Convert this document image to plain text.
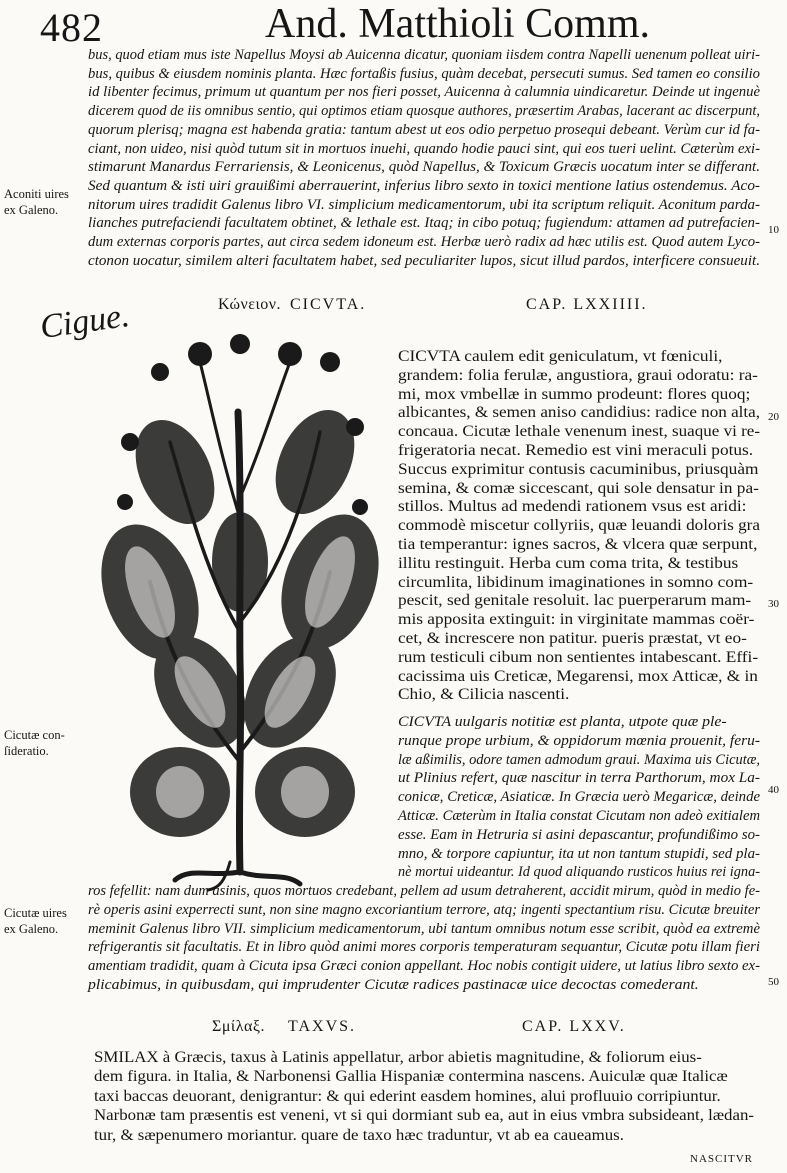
482	And. Matthioli Comm.
bus, quod etiam mus iste Napellus Moysi ab Auicenna dicatur, quoniam iisdem contra Napelli uenenum polleat uiri-
bus, quibus & eiusdem nominis planta. Hæc fortaßis fusius, quàm decebat, persecuti sumus. Sed tamen eo consilio
id libenter fecimus, primum ut quantum per nos fieri posset, Auicenna à calumnia uindicaretur. Deinde ut ingenuè
dicerem quod de iis omnibus sentio, qui optimos etiam quosque authores, præsertim Arabas, lacerant ac discerpunt,
quorum plerisq; magna est habenda gratia: tantum abest ut eos odio perpetuo prosequi debeant. Verùm cur id fa-
ciant, non uideo, nisi quòd tutum sit in mortuos inuehi, quando hodie pauci sint, qui eos tueri uelint. Cæterùm exi-
stimarunt Manardus Ferrariensis, & Leonicenus, quòd Napellus, & Toxicum Græcis uocatum inter se differant.
Sed quantum & isti uiri grauißimi aberrauerint, inferius libro sexto in toxici mentione latius ostendemus. Aco-
nitorum uires tradidit Galenus libro VI. simplicium medicamentorum, ubi ita scriptum reliquit. Aconitum parda-
lianches putrefaciendi facultatem obtinet, & lethale est. Itaq; in cibo potuq; fugiendum: attamen ad putrefacien-
dum externas corporis partes, aut circa sedem idoneum est. Herbæ uerò radix ad hæc utilis est. Quod autem Lyco-
ctonon uocatur, similem alteri facultatem habet, sed peculiariter lupos, sicut illud pardos, interficere consueuit.
Aconiti uires
ex Galeno.
10
Κώνειον. CICVTA.	CAP. LXXIIII.
Cigue.
CICVTA caulem edit geniculatum, vt fœniculi,
grandem: folia ferulæ, angustiora, graui odoratu: ra-
mi, mox vmbellæ in summo prodeunt: flores quoq;
albicantes, & semen aniso candidius: radice non alta,
concaua. Cicutæ lethale venenum inest, suaque vi re-
frigeratoria necat. Remedio est vini meraculi potus.
Succus exprimitur contusis cacuminibus, priusquàm
semina, & comæ siccescant, qui sole densatur in pa-
stillos. Multus ad medendi rationem vsus est aridi:
commodè miscetur collyriis, quæ leuandi doloris gra
tia temperantur: ignes sacros, & vlcera quæ serpunt,
illitu restinguit. Herba cum coma trita, & testibus
circumlita, libidinum imaginationes in somno com-
pescit, sed genitale resoluit. lac puerperarum mam-
mis apposita extinguit: in virginitate mammas coër-
cet, & increscere non patitur. pueris præstat, vt eo-
rum testiculi cibum non sentientes intabescant. Effi-
cacissima uis Creticæ, Megarensi, mox Atticæ, & in
Chio, & Cilicia nascenti.
20
30
CICVTA uulgaris notitiæ est planta, utpote quæ ple-
runque prope urbium, & oppidorum mœnia prouenit, feru-
læ aßimilis, odore tamen admodum graui. Maxima uis Cicutæ,
ut Plinius refert, quæ nascitur in terra Parthorum, mox La-
conicæ, Creticæ, Asiaticæ. In Græcia uerò Megaricæ, deinde
Atticæ. Cæterùm in Italia constat Cicutam non adeò exitialem
esse. Eam in Hetruria si asini depascantur, profundißimo so-
mno, & torpore capiuntur, ita ut non tantum stupidi, sed pla-
nè mortui uideantur. Id quod aliquando rusticos huius rei igna-
Cicutæ con-
ſideratio.
40
ros fefellit: nam dum asinis, quos mortuos credebant, pellem ad usum detraherent, accidit mirum, quòd in medio fe-
rè operis asini experrecti sunt, non sine magno excoriantium terrore, atq; ingenti spectantium risu. Cicutæ breuiter
meminit Galenus libro VII. simplicium medicamentorum, ubi tantum omnibus notum esse scribit, quòd ea extremè
refrigerantis sit facultatis. Et in libro quòd animi mores corporis temperaturam sequantur, Cicutæ potu illam fieri
amentiam tradidit, quam à Cicuta ipsa Græci conion appellant. Hoc nobis contigit uidere, ut latius libro sexto ex-
plicabimus, in quibusdam, qui imprudenter Cicutæ radices pastinacæ uice decoctas comederant.
Cicutæ uires
ex Galeno.
50
Σμίλαξ. TAXVS.	CAP. LXXV.
SMILAX à Græcis, taxus à Latinis appellatur, arbor abietis magnitudine, & foliorum eius-
dem figura. in Italia, & Narbonensi Gallia Hispaniæ contermina nascens. Auiculæ quæ Italicæ
taxi baccas deuorant, denigrantur: & qui ederint easdem homines, alui profluuio corripiuntur.
Narbonæ tam præsentis est veneni, vt si qui dormiant sub ea, aut in eius vmbra subsideant, lædan-
tur, & sæpenumero moriantur. quare de taxo hæc traduntur, vt ab ea caueamus.
NASCITVR
